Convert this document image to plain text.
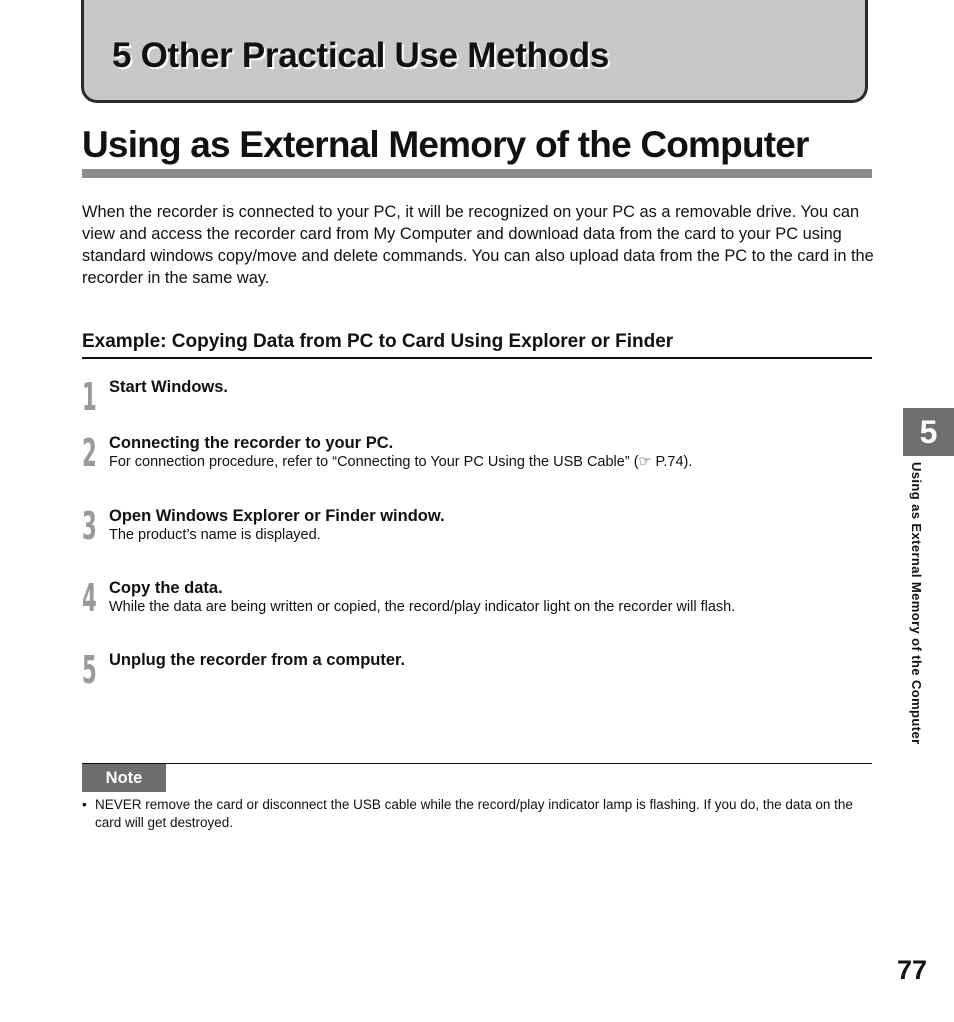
5 Other Practical Use Methods
Using as External Memory of the Computer

When the recorder is connected to your PC, it will be recognized on your PC as a removable drive. You can view and access the recorder card from My Computer and download data from the card to your PC using standard windows copy/move and delete commands. You can also upload data from the PC to the card in the recorder in the same way.

Example: Copying Data from PC to Card Using Explorer or Finder
1 Start Windows.
2 Connecting the recorder to your PC.
For connection procedure, refer to “Connecting to Your PC Using the USB Cable” (☞ P.74).
3 Open Windows Explorer or Finder window.
The product’s name is displayed.
4 Copy the data.
While the data are being written or copied, the record/play indicator light on the recorder will flash.
5 Unplug the recorder from a computer.
Note
• NEVER remove the card or disconnect the USB cable while the record/play indicator lamp is flashing. If you do, the data on the card will get destroyed.
5
Using as External Memory of the Computer
77
